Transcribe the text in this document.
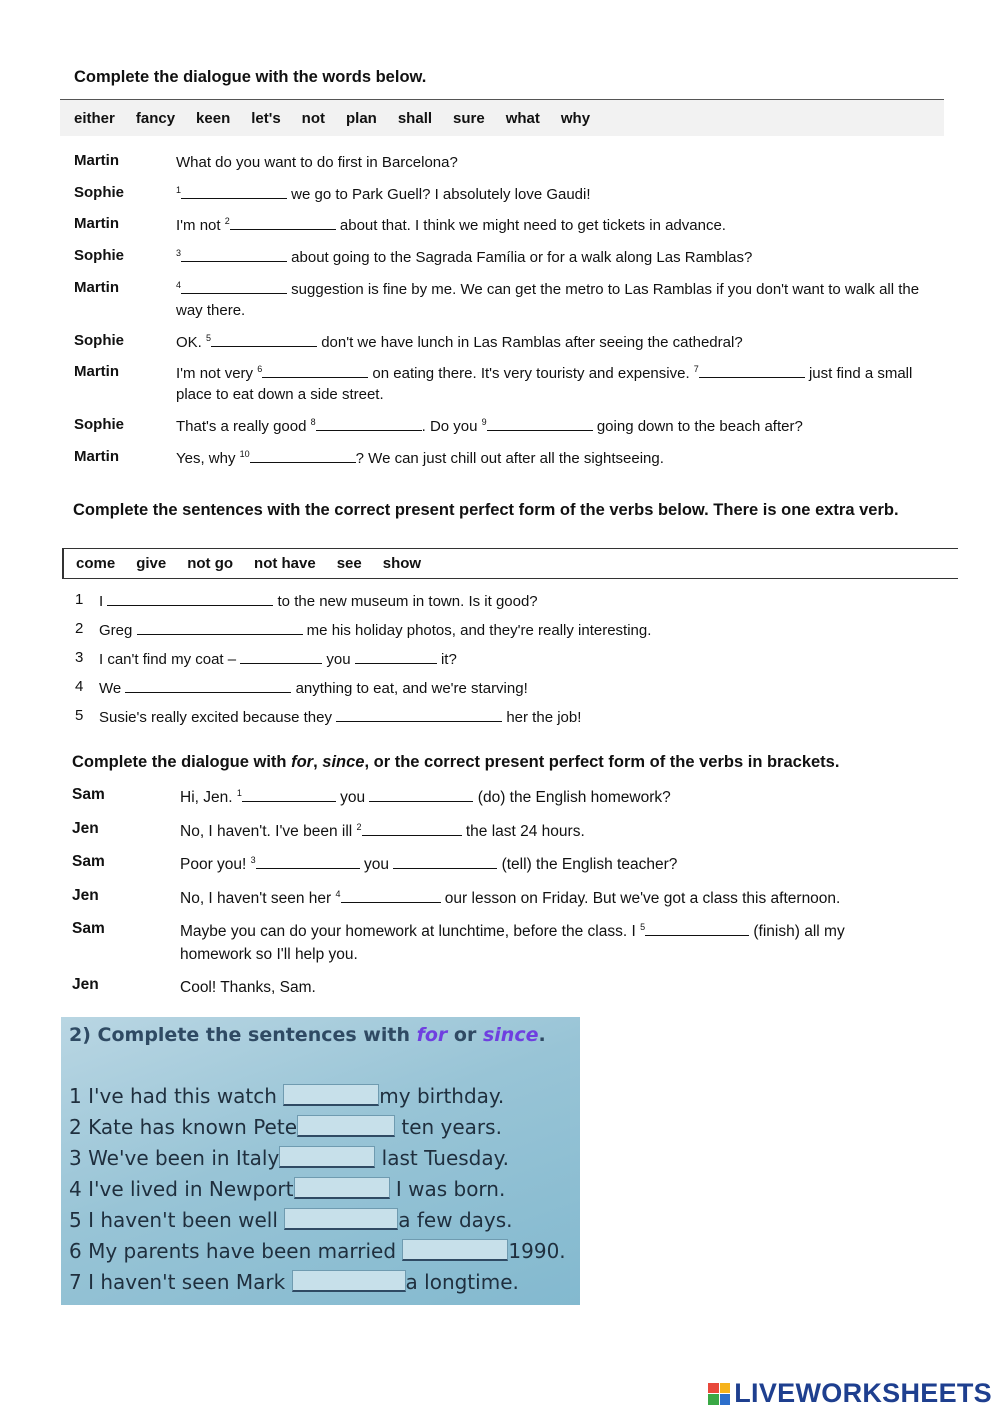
Complete the dialogue with the words below.
either fancy keen let's not plan shall sure what why
Martin	What do you want to do first in Barcelona?
Sophie	$^1$	we go to Park Guell? I absolutely love Gaudi!
Martin	I'm not $^2$	about that. I think we might need to get tickets in advance.
Sophie	$^3$	about going to the Sagrada Família or for a walk along Las Ramblas?
Martin	$^4$	suggestion is fine by me. We can get the metro to Las Ramblas if you don't want to walk all the way there.
Sophie	OK. $^5$	don't we have lunch in Las Ramblas after seeing the cathedral?
Martin	I'm not very $^6$	on eating there. It's very touristy and expensive. $^7$	just find a small place to eat down a side street.
Sophie	That's a really good $^8$	. Do you $^9$	going down to the beach after?
Martin	Yes, why $^{10}$	? We can just chill out after all the sightseeing.
Complete the sentences with the correct present perfect form of the verbs below. There is one extra verb.
come give not go not have see show
1 I	to the new museum in town. Is it good?
2 Greg	me his holiday photos, and they're really interesting.
3 I can't find my coat –	you	it?
4 We	anything to eat, and we're starving!
5 Susie's really excited because they	her the job!
Complete the dialogue with for, since, or the correct present perfect form of the verbs in brackets.
Sam	Hi, Jen. $^1$	you	(do) the English homework?
Jen	No, I haven't. I've been ill $^2$	the last 24 hours.
Sam	Poor you! $^3$	you	(tell) the English teacher?
Jen	No, I haven't seen her $^4$	our lesson on Friday. But we've got a class this afternoon.
Sam	Maybe you can do your homework at lunchtime, before the class. I $^5$	(finish) all my homework so I'll help you.
Jen	Cool! Thanks, Sam.
2) Complete the sentences with for or since.
1 I've had this watch	my birthday.
2 Kate has known Pete	ten years.
3 We've been in Italy	last Tuesday.
4 I've lived in Newport	I was born.
5 I haven't been well	a few days.
6 My parents have been married	1990.
7 I haven't seen Mark	a longtime.
LIVEWORKSHEETS
